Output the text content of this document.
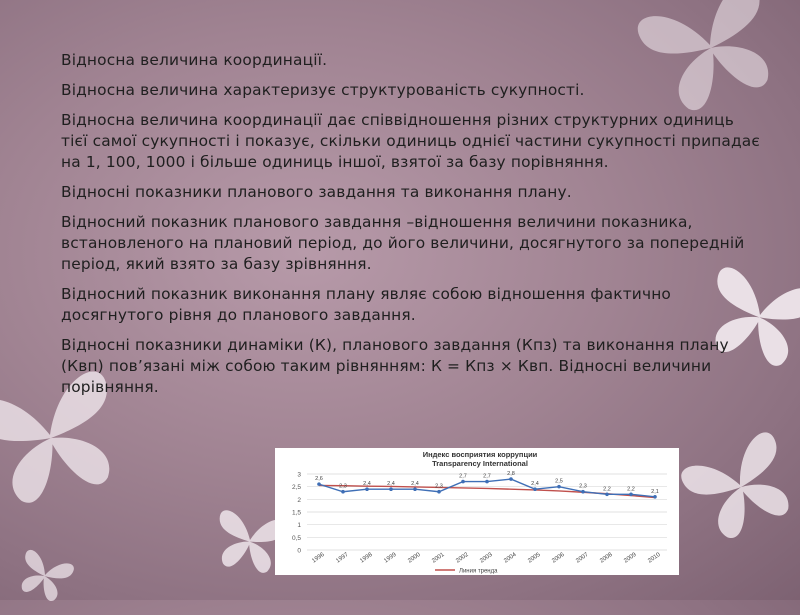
Відносна величина координації.

Відносна величина характеризує структурованість сукупності.

Відносна величина координації дає співвідношення різних структурних одиниць тієї самої сукупності і показує, скільки одиниць однієї частини сукупності припадає на 1, 100, 1000 і більше одиниць іншої, взятої за базу порівняння.

Відносні показники планового завдання та виконання плану.

Відносний показник планового завдання –відношення величини показника, встановленого на плановий період, до його величини, досягнутого за попередній період, який взято за базу зрівняння.

Відносний показник виконання плану являє собою відношення фактично досягнутого рівня до планового завдання.

Відносні показники динаміки (К), планового завдання (Кпз) та виконання плану (Квп) пов’язані між собою таким рівнянням: К = Кпз × Квп. Відносні величини порівняння.

Индекс восприятия коррупции
Transparency International
3
2,5
2
1,5
1
0,5
0
1996 1997 1998 1999 2000 2001 2002 2003 2004 2005 2006 2007 2008 2009 2010
2,6
2,3	2,4	2,4	2,4	2,3
2,7	2,7	2,8
2,4	2,5
2,3	2,2	2,2	2,1
Линия тренда
